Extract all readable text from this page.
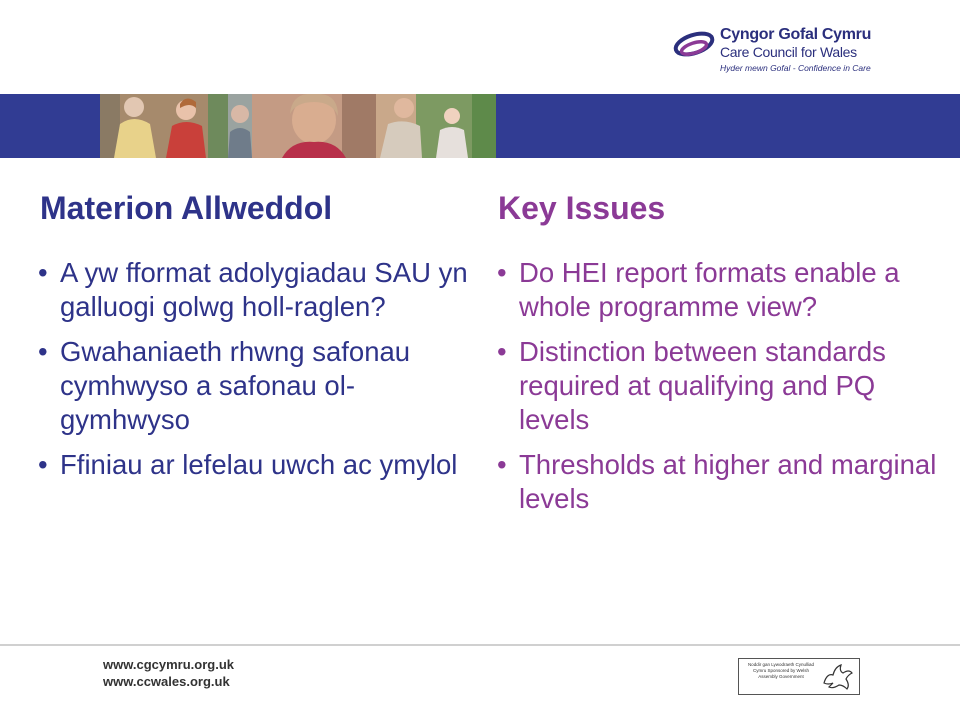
Cyngor Gofal Cymru
Care Council for Wales
Hyder mewn Gofal - Confidence in Care
Materion Allweddol	Key Issues
• A yw fformat adolygiadau SAU yn galluogi golwg holl-raglen?
• Gwahaniaeth rhwng safonau cymhwyso a safonau ol-gymhwyso
• Ffiniau ar lefelau uwch ac ymylol
• Do HEI report formats enable a whole programme view?
• Distinction between standards required at qualifying and PQ levels
• Thresholds at higher and marginal levels
www.cgcymru.org.uk
www.ccwales.org.uk
Noddir gan Lywodraeth Cynulliad Cymru Sponsored by Welsh Assembly Government
